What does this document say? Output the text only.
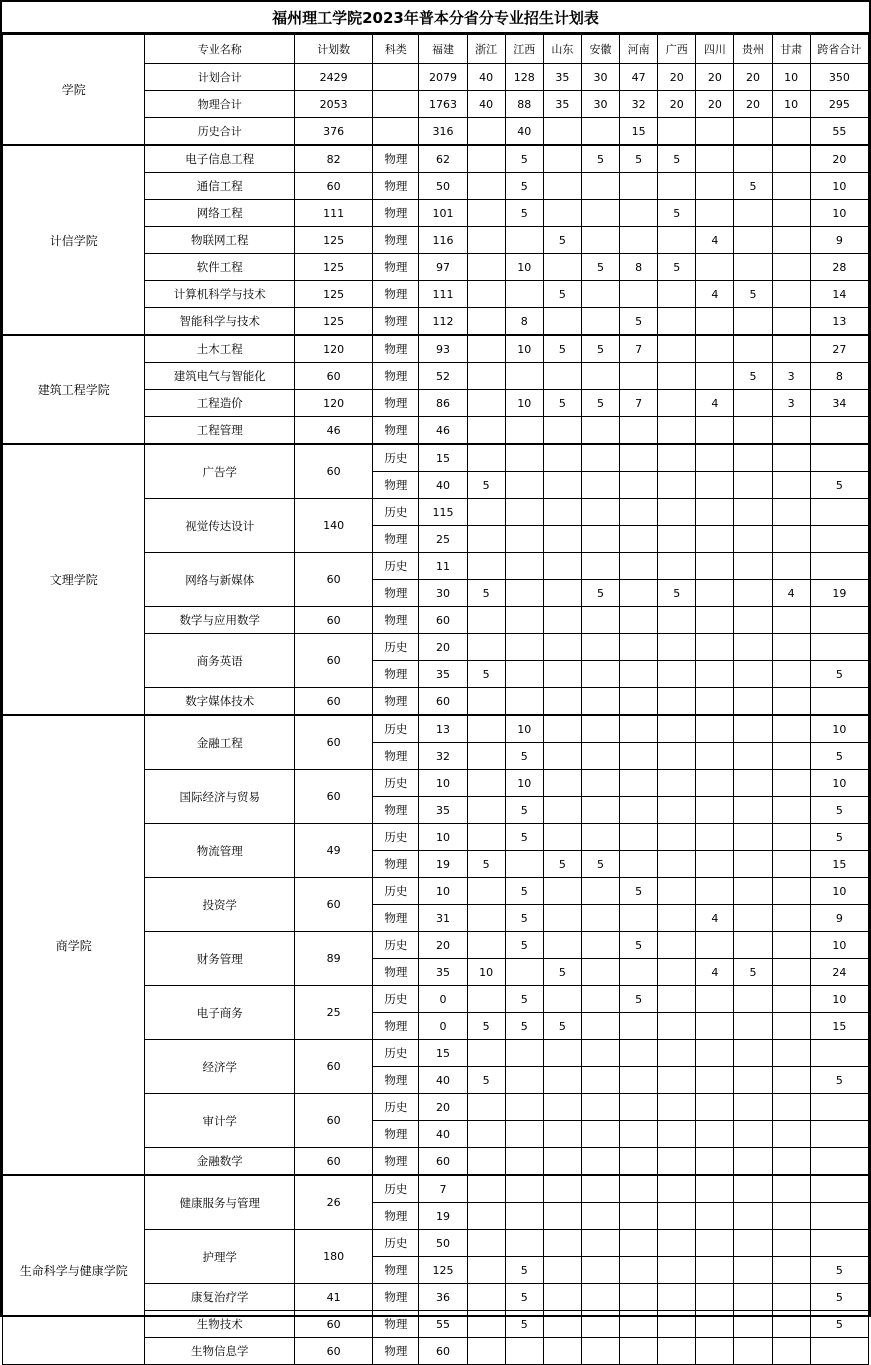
福州理工学院2023年普本分省分专业招生计划表
学院	专业名称	计划数	科类	福建	浙江	江西	山东	安徽	河南	广西	四川	贵州	甘肃	跨省合计
	计划合计	2429		2079	40	128	35	30	47	20	20	20	10	350
	物理合计	2053		1763	40	88	35	30	32	20	20	20	10	295
	历史合计	376		316		40			15					55
计信学院	电子信息工程	82	物理	62		5		5	5	5				20
	通信工程	60	物理	50		5						5		10
	网络工程	111	物理	101		5				5				10
	物联网工程	125	物理	116			5				4			9
	软件工程	125	物理	97		10		5	8	5				28
	计算机科学与技术	125	物理	111			5				4	5		14
	智能科学与技术	125	物理	112		8			5					13
建筑工程学院	土木工程	120	物理	93		10	5	5	7					27
	建筑电气与智能化	60	物理	52								5	3	8
	工程造价	120	物理	86		10	5	5	7		4		3	34
	工程管理	46	物理	46										
文理学院	广告学	60	历史	15										
			物理	40	5									5
	视觉传达设计	140	历史	115										
			物理	25										
	网络与新媒体	60	历史	11										
			物理	30	5			5		5			4	19
	数学与应用数学	60	物理	60										
	商务英语	60	历史	20										
			物理	35	5									5
	数字媒体技术	60	物理	60										
商学院	金融工程	60	历史	13		10								10
			物理	32		5								5
	国际经济与贸易	60	历史	10		10								10
			物理	35		5								5
	物流管理	49	历史	10		5								5
			物理	19	5		5	5						15
	投资学	60	历史	10		5			5					10
			物理	31		5					4			9
	财务管理	89	历史	20		5			5					10
			物理	35	10		5				4	5		24
	电子商务	25	历史	0		5			5					10
			物理	0	5	5	5							15
	经济学	60	历史	15										
			物理	40	5									5
	审计学	60	历史	20										
			物理	40										
	金融数学	60	物理	60										
生命科学与健康学院	健康服务与管理	26	历史	7										
			物理	19										
	护理学	180	历史	50										
			物理	125		5								5
	康复治疗学	41	物理	36		5								5
	生物技术	60	物理	55		5								5
	生物信息学	60	物理	60										
